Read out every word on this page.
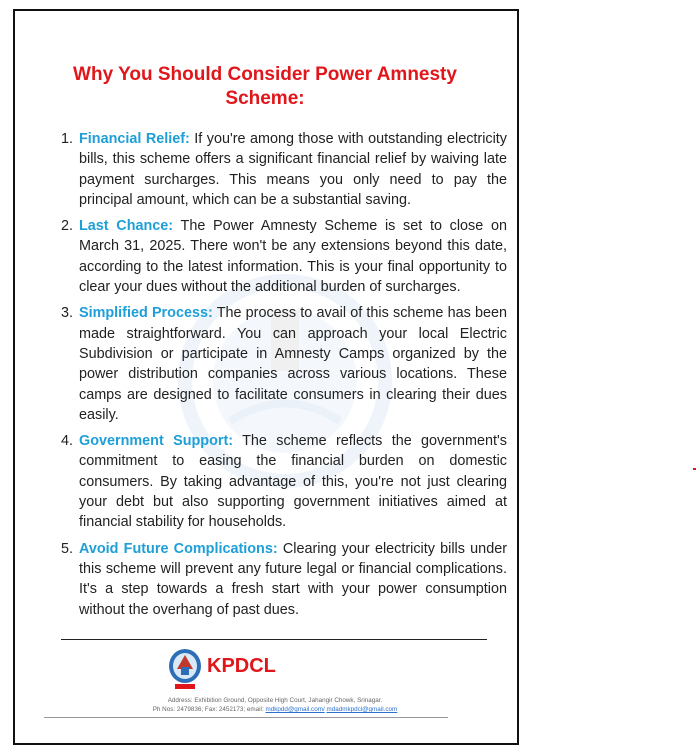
Why You Should Consider Power Amnesty Scheme:
1. Financial Relief: If you're among those with outstanding electricity bills, this scheme offers a significant financial relief by waiving late payment surcharges. This means you only need to pay the principal amount, which can be a substantial saving.
2. Last Chance: The Power Amnesty Scheme is set to close on March 31, 2025. There won't be any extensions beyond this date, according to the latest information. This is your final opportunity to clear your dues without the additional burden of surcharges.
3. Simplified Process: The process to avail of this scheme has been made straightforward. You can approach your local Electric Subdivision or participate in Amnesty Camps organized by the power distribution companies across various locations. These camps are designed to facilitate consumers in clearing their dues easily.
4. Government Support: The scheme reflects the government's commitment to easing the financial burden on domestic consumers. By taking advantage of this, you're not just clearing your debt but also supporting government initiatives aimed at financial stability for households.
5. Avoid Future Complications: Clearing your electricity bills under this scheme will prevent any future legal or financial complications. It's a step towards a fresh start with your power consumption without the overhang of past dues.
KPDCL
Address: Exhibition Ground, Opposite High Court, Jahangir Chowk, Srinagar.
Ph Nos: 2479836; Fax: 2452173; email: mdkpdd@gmail.com/ mdadmkpdcl@gmail.com
